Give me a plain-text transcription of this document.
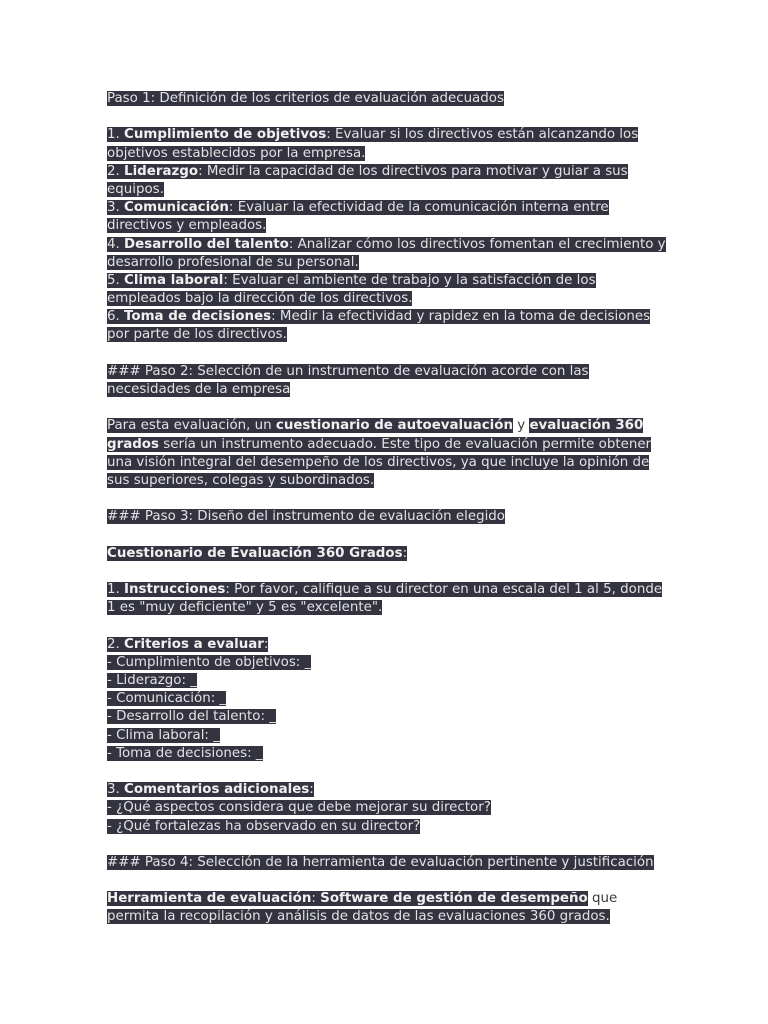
Paso 1: Definición de los criterios de evaluación adecuados
1. Cumplimiento de objetivos: Evaluar si los directivos están alcanzando los
objetivos establecidos por la empresa.
2. Liderazgo: Medir la capacidad de los directivos para motivar y guiar a sus
equipos.
3. Comunicación: Evaluar la efectividad de la comunicación interna entre
directivos y empleados.
4. Desarrollo del talento: Analizar cómo los directivos fomentan el crecimiento y
desarrollo profesional de su personal.
5. Clima laboral: Evaluar el ambiente de trabajo y la satisfacción de los
empleados bajo la dirección de los directivos.
6. Toma de decisiones: Medir la efectividad y rapidez en la toma de decisiones
por parte de los directivos.
### Paso 2: Selección de un instrumento de evaluación acorde con las
necesidades de la empresa
Para esta evaluación, un cuestionario de autoevaluación y evaluación 360
grados sería un instrumento adecuado. Este tipo de evaluación permite obtener
una visión integral del desempeño de los directivos, ya que incluye la opinión de
sus superiores, colegas y subordinados.
### Paso 3: Diseño del instrumento de evaluación elegido
Cuestionario de Evaluación 360 Grados:
1. Instrucciones: Por favor, califique a su director en una escala del 1 al 5, donde
1 es "muy deficiente" y 5 es "excelente".
2. Criterios a evaluar:
- Cumplimiento de objetivos: _
- Liderazgo: _
- Comunicación: _
- Desarrollo del talento: _
- Clima laboral: _
- Toma de decisiones: _
3. Comentarios adicionales:
- ¿Qué aspectos considera que debe mejorar su director?
- ¿Qué fortalezas ha observado en su director?
### Paso 4: Selección de la herramienta de evaluación pertinente y justificación
Herramienta de evaluación: Software de gestión de desempeño que
permita la recopilación y análisis de datos de las evaluaciones 360 grados.
